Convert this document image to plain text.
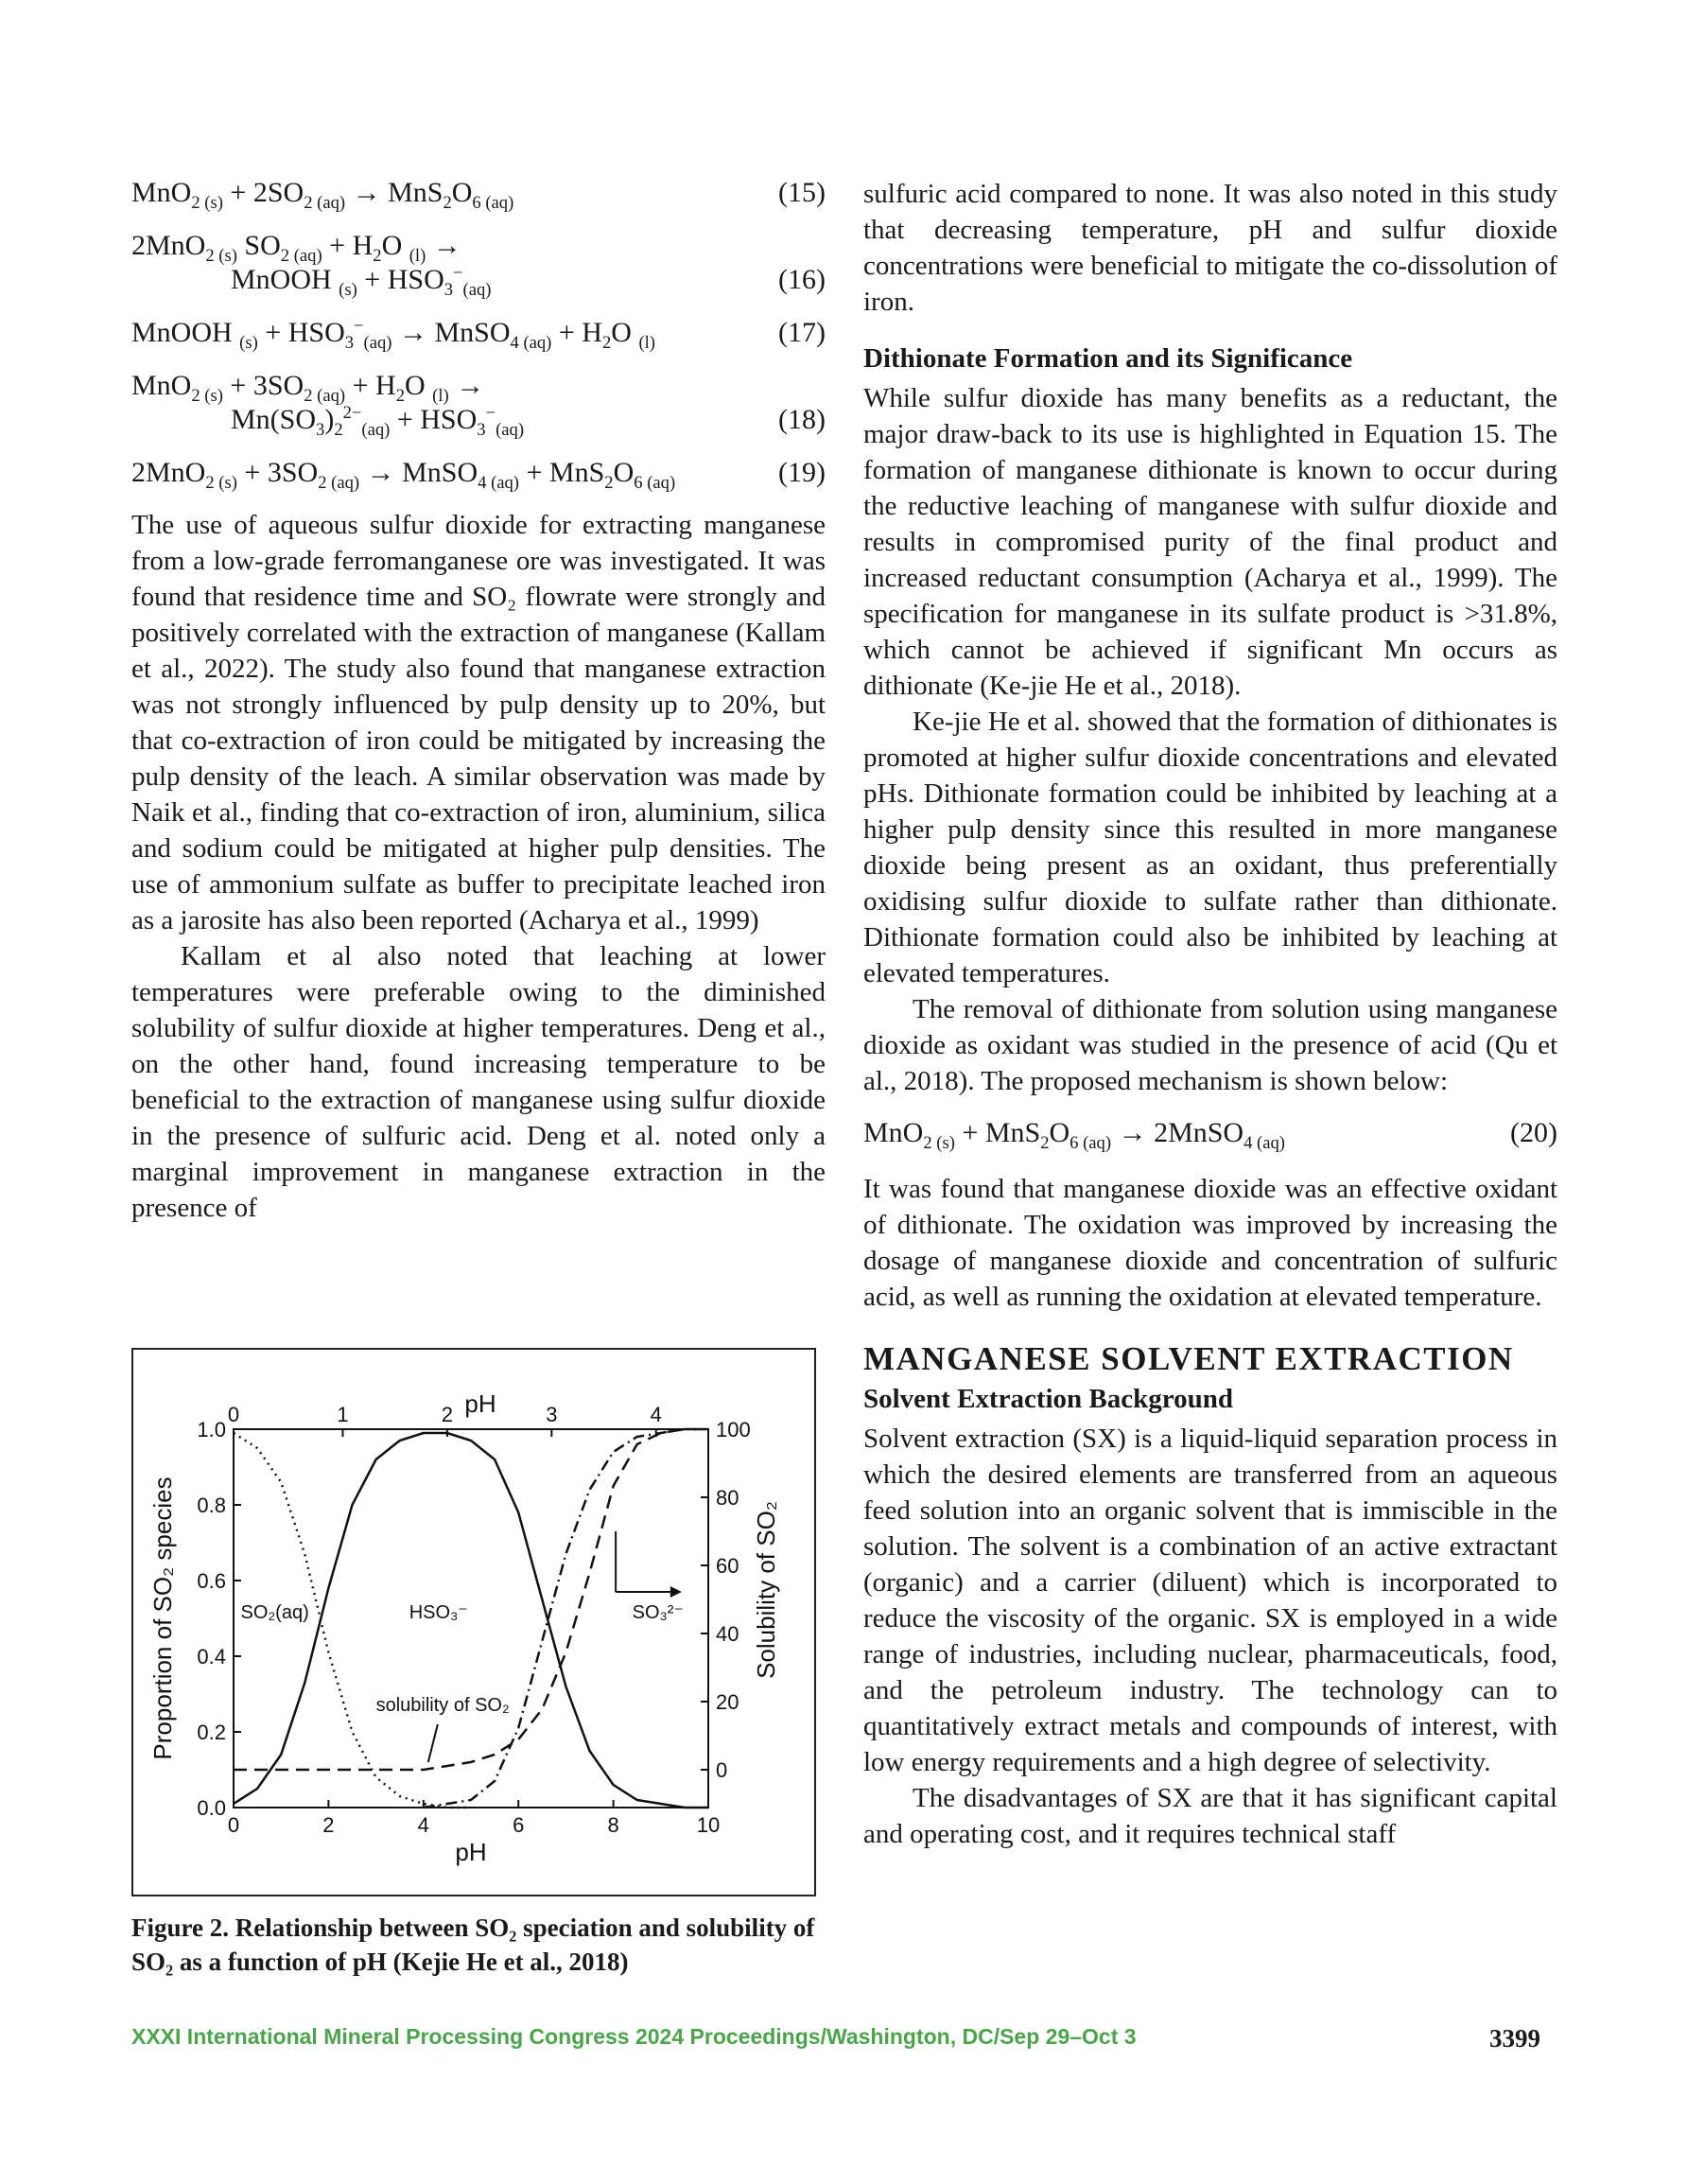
$MnO_{2 (s)} + 2SO_{2 (aq)} \to MnS_2O_{6 (aq)}$	(15)
2MnO$_{2 (s)}$ $SO_{2 (aq)} + H_2O$ $_{(l)}$ →
MnOOH $_{(s)} + HSO_3^-_{(aq)}$	(16)
MnOOH $_{(s)} + HSO_3^-_{(aq)}$ → MnSO$_{4 (aq)}$ + $H_2O$ $_{(l)}$	(17)
$MnO_{2 (s)} + 3SO_{2 (aq)} + H_2O$ $_{(l)}$ →
$Mn(SO_3)_2^{2-}_{(aq)} + HSO_3^-_{(aq)}$	(18)
$2MnO_{2 (s)} + 3SO_{2 (aq)}$ → MnSO$_{4 (aq)}$ + $MnS_2O_{6 (aq)}$	(19)

The use of aqueous sulfur dioxide for extracting manganese from a low-grade ferromanganese ore was investigated. It was found that residence time and SO₂ flowrate were strongly and positively correlated with the extraction of manganese (Kallam et al., 2022). The study also found that manganese extraction was not strongly influenced by pulp density up to 20%, but that co-extraction of iron could be mitigated by increasing the pulp density of the leach. A similar observation was made by Naik et al., finding that co-extraction of iron, aluminium, silica and sodium could be mitigated at higher pulp densities. The use of ammonium sulfate as buffer to precipitate leached iron as a jarosite has also been reported (Acharya et al., 1999)

Kallam et al also noted that leaching at lower temperatures were preferable owing to the diminished solubility of sulfur dioxide at higher temperatures. Deng et al., on the other hand, found increasing temperature to be beneficial to the extraction of manganese using sulfur dioxide in the presence of sulfuric acid. Deng et al. noted only a marginal improvement in manganese extraction in the presence of

0	2	4	6	8	10
pH
0	1	2	3	4
pH
0.0
0.2
0.4
0.6
0.8
1.0
Proportion of SO₂ species
0
20
40
60
80
100
Solubility of SO₂
SO₂(aq)	HSO₃⁻	SO₃²⁻
solubility of SO₂
Figure 2. Relationship between SO₂ speciation and solubility of SO₂ as a function of pH (Kejie He et al., 2018)

sulfuric acid compared to none. It was also noted in this study that decreasing temperature, pH and sulfur dioxide concentrations were beneficial to mitigate the co-dissolution of iron.

Dithionate Formation and its Significance

While sulfur dioxide has many benefits as a reductant, the major draw-back to its use is highlighted in Equation 15. The formation of manganese dithionate is known to occur during the reductive leaching of manganese with sulfur dioxide and results in compromised purity of the final product and increased reductant consumption (Acharya et al., 1999). The specification for manganese in its sulfate product is >31.8%, which cannot be achieved if significant Mn occurs as dithionate (Ke-jie He et al., 2018).

Ke-jie He et al. showed that the formation of dithionates is promoted at higher sulfur dioxide concentrations and elevated pHs. Dithionate formation could be inhibited by leaching at a higher pulp density since this resulted in more manganese dioxide being present as an oxidant, thus preferentially oxidising sulfur dioxide to sulfate rather than dithionate. Dithionate formation could also be inhibited by leaching at elevated temperatures.

The removal of dithionate from solution using manganese dioxide as oxidant was studied in the presence of acid (Qu et al., 2018). The proposed mechanism is shown below:

$MnO_{2 (s)} + MnS_2O_{6 (aq)}$ → 2MnSO$_{4 (aq)}$	(20)

It was found that manganese dioxide was an effective oxidant of dithionate. The oxidation was improved by increasing the dosage of manganese dioxide and concentration of sulfuric acid, as well as running the oxidation at elevated temperature.

MANGANESE SOLVENT EXTRACTION
Solvent Extraction Background

Solvent extraction (SX) is a liquid-liquid separation process in which the desired elements are transferred from an aqueous feed solution into an organic solvent that is immiscible in the solution. The solvent is a combination of an active extractant (organic) and a carrier (diluent) which is incorporated to reduce the viscosity of the organic. SX is employed in a wide range of industries, including nuclear, pharmaceuticals, food, and the petroleum industry. The technology can to quantitatively extract metals and compounds of interest, with low energy requirements and a high degree of selectivity.

The disadvantages of SX are that it has significant capital and operating cost, and it requires technical staff

XXXI International Mineral Processing Congress 2024 Proceedings/Washington, DC/Sep 29–Oct 3	3399
